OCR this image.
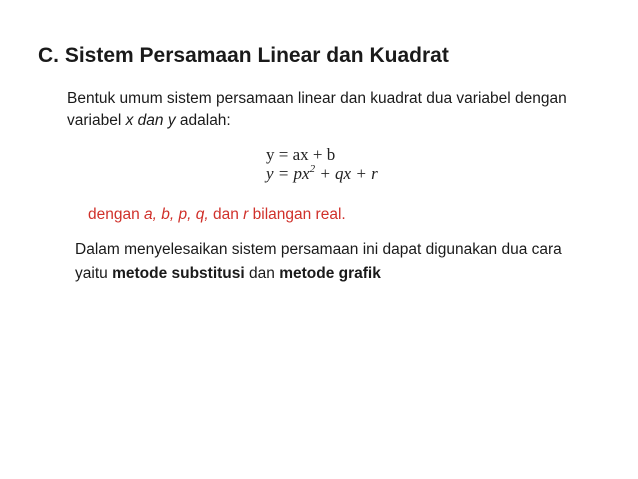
C. Sistem Persamaan Linear dan Kuadrat
Bentuk umum sistem persamaan linear dan kuadrat dua variabel dengan variabel x dan y adalah:
y = ax + b
$y = px^2$ + qx + r
dengan a, b, p, q, dan r bilangan real.
Dalam menyelesaikan sistem persamaan ini dapat digunakan dua cara yaitu metode substitusi dan metode grafik
